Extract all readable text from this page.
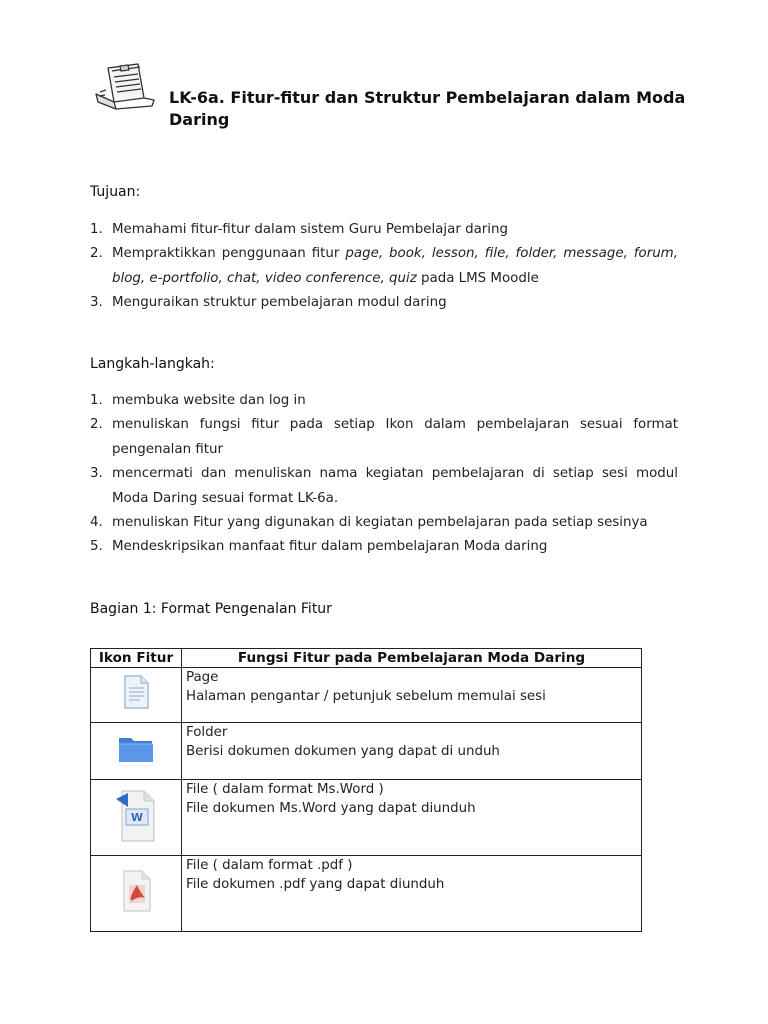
LK-6a. Fitur-fitur dan Struktur Pembelajaran dalam Moda Daring
Tujuan:
1. Memahami fitur-fitur dalam sistem Guru Pembelajar daring
2. Mempraktikkan penggunaan fitur page, book, lesson, file, folder, message, forum, blog, e-portfolio, chat, video conference, quiz pada LMS Moodle
3. Menguraikan struktur pembelajaran modul daring
Langkah-langkah:
1. membuka website dan log in
2. menuliskan fungsi fitur pada setiap Ikon dalam pembelajaran sesuai format pengenalan fitur
3. mencermati dan menuliskan nama kegiatan pembelajaran di setiap sesi modul Moda Daring sesuai format LK-6a.
4. menuliskan Fitur yang digunakan di kegiatan pembelajaran pada setiap sesinya
5. Mendeskripsikan manfaat fitur dalam pembelajaran Moda daring
Bagian 1: Format Pengenalan Fitur
Ikon Fitur	Fungsi Fitur pada Pembelajaran Moda Daring

Page
Halaman pengantar / petunjuk sebelum memulai sesi

Folder
Berisi dokumen dokumen yang dapat di unduh

W	File ( dalam format Ms.Word )
File dokumen Ms.Word yang dapat diunduh

File ( dalam format .pdf )
File dokumen .pdf yang dapat diunduh
